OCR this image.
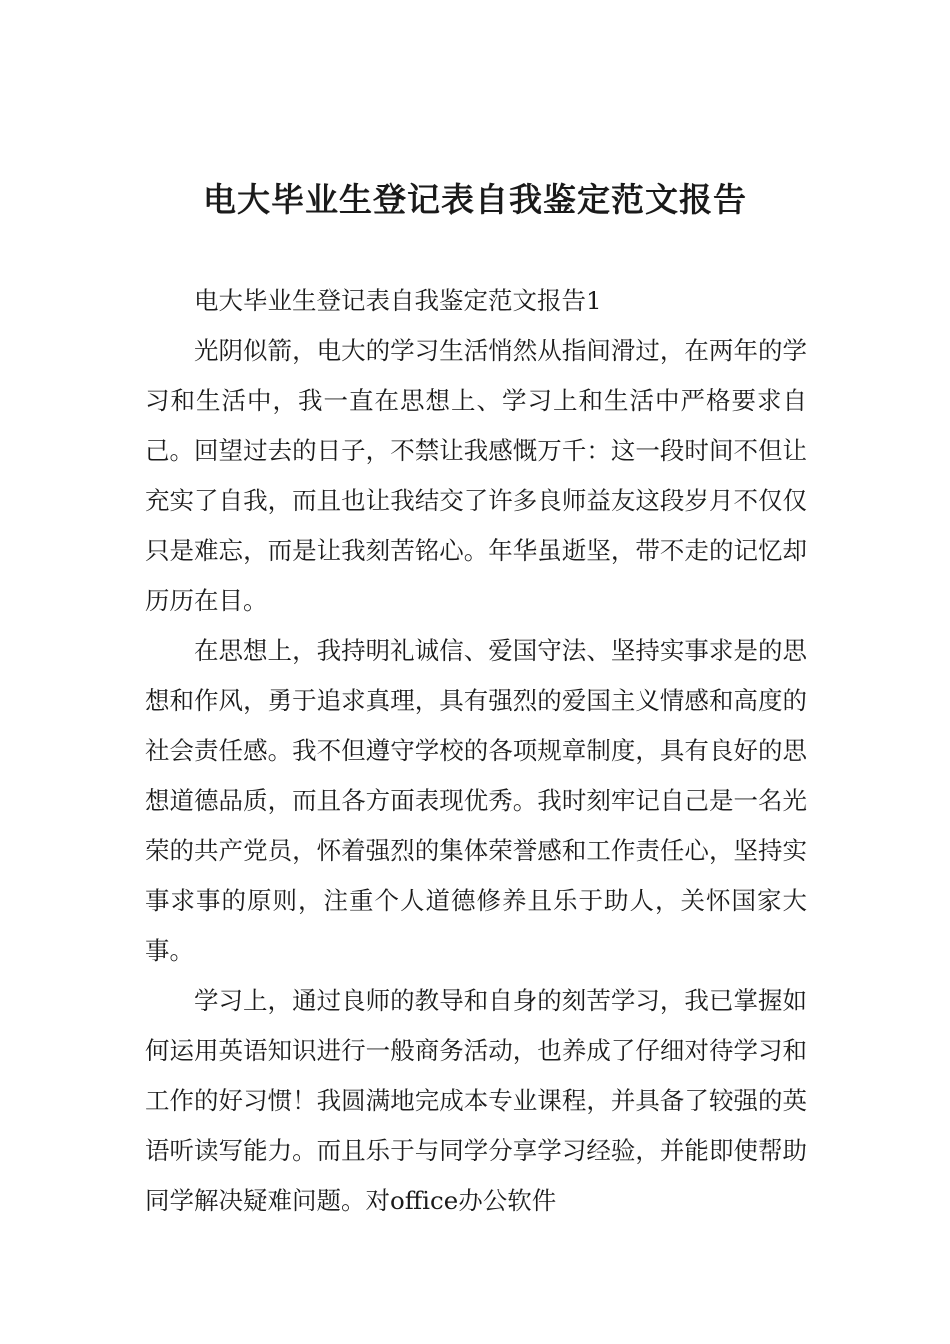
电大毕业生登记表自我鉴定范文报告

电大毕业生登记表自我鉴定范文报告1

光阴似箭，电大的学习生活悄然从指间滑过，在两年的学习和生活中，我一直在思想上、学习上和生活中严格要求自己。回望过去的日子，不禁让我感慨万千：这一段时间不但让充实了自我，而且也让我结交了许多良师益友这段岁月不仅仅只是难忘，而是让我刻苦铭心。年华虽逝坚，带不走的记忆却历历在目。

在思想上，我持明礼诚信、爱国守法、坚持实事求是的思想和作风，勇于追求真理，具有强烈的爱国主义情感和高度的社会责任感。我不但遵守学校的各项规章制度，具有良好的思想道德品质，而且各方面表现优秀。我时刻牢记自己是一名光荣的共产党员，怀着强烈的集体荣誉感和工作责任心，坚持实事求事的原则，注重个人道德修养且乐于助人，关怀国家大事。

学习上，通过良师的教导和自身的刻苦学习，我已掌握如何运用英语知识进行一般商务活动，也养成了仔细对待学习和工作的好习惯！我圆满地完成本专业课程，并具备了较强的英语听读写能力。而且乐于与同学分享学习经验，并能即使帮助同学解决疑难问题。对office办公软件
